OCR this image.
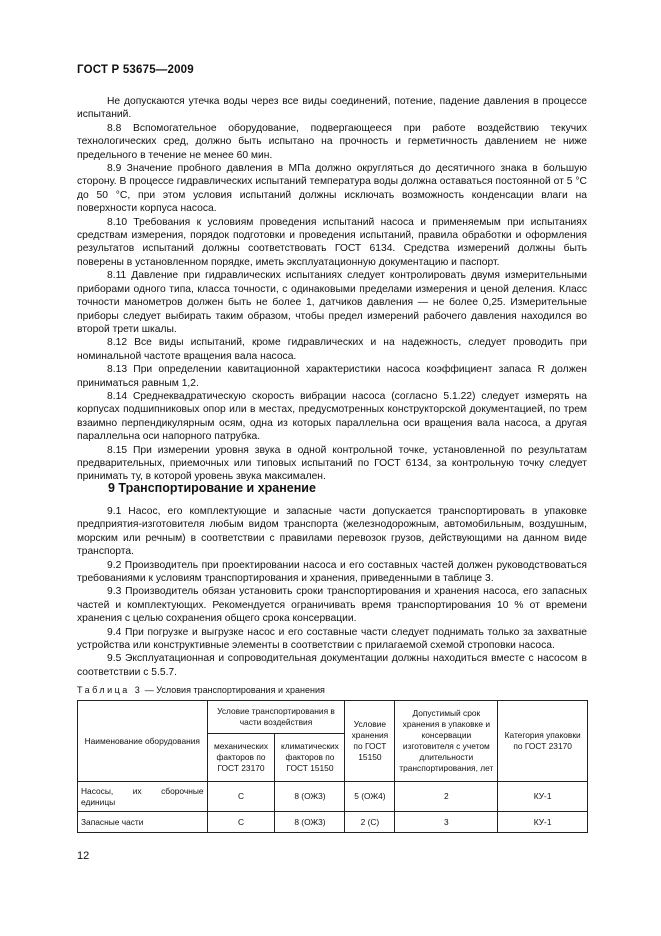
ГОСТ Р 53675—2009

Не допускаются утечка воды через все виды соединений, потение, падение давления в процессе испытаний.

8.8 Вспомогательное оборудование, подвергающееся при работе воздействию текучих технологических сред, должно быть испытано на прочность и герметичность давлением не ниже предельного в течение не менее 60 мин.

8.9 Значение пробного давления в МПа должно округляться до десятичного знака в большую сторону. В процессе гидравлических испытаний температура воды должна оставаться постоянной от 5 °С до 50 °С, при этом условия испытаний должны исключать возможность конденсации влаги на поверхности корпуса насоса.

8.10 Требования к условиям проведения испытаний насоса и применяемым при испытаниях средствам измерения, порядок подготовки и проведения испытаний, правила обработки и оформления результатов испытаний должны соответствовать ГОСТ 6134. Средства измерений должны быть поверены в установленном порядке, иметь эксплуатационную документацию и паспорт.

8.11 Давление при гидравлических испытаниях следует контролировать двумя измерительными приборами одного типа, класса точности, с одинаковыми пределами измерения и ценой деления. Класс точности манометров должен быть не более 1, датчиков давления — не более 0,25. Измерительные приборы следует выбирать таким образом, чтобы предел измерений рабочего давления находился во второй трети шкалы.

8.12 Все виды испытаний, кроме гидравлических и на надежность, следует проводить при номинальной частоте вращения вала насоса.

8.13 При определении кавитационной характеристики насоса коэффициент запаса R должен приниматься равным 1,2.

8.14 Среднеквадратическую скорость вибрации насоса (согласно 5.1.22) следует измерять на корпусах подшипниковых опор или в местах, предусмотренных конструкторской документацией, по трем взаимно перпендикулярным осям, одна из которых параллельна оси вращения вала насоса, а другая параллельна оси напорного патрубка.

8.15 При измерении уровня звука в одной контрольной точке, установленной по результатам предварительных, приемочных или типовых испытаний по ГОСТ 6134, за контрольную точку следует принимать ту, в которой уровень звука максимален.

9 Транспортирование и хранение

9.1 Насос, его комплектующие и запасные части допускается транспортировать в упаковке предприятия-изготовителя любым видом транспорта (железнодорожным, автомобильным, воздушным, морским или речным) в соответствии с правилами перевозок грузов, действующими на данном виде транспорта.

9.2 Производитель при проектировании насоса и его составных частей должен руководствоваться требованиями к условиям транспортирования и хранения, приведенными в таблице 3.

9.3 Производитель обязан установить сроки транспортирования и хранения насоса, его запасных частей и комплектующих. Рекомендуется ограничивать время транспортирования 10 % от времени хранения с целью сохранения общего срока консервации.

9.4 При погрузке и выгрузке насос и его составные части следует поднимать только за захватные устройства или конструктивные элементы в соответствии с прилагаемой схемой строповки насоса.

9.5 Эксплуатационная и сопроводительная документации должны находиться вместе с насосом в соответствии с 5.5.7.

Таблица 3 — Условия транспортирования и хранения
Наименование оборудования	Условие транспортирования в части воздействия		Условие хранения по ГОСТ 15150	Допустимый срок хранения в упаковке и консервации изготовителя с учетом длительности транспортирования, лет	Категория упаковки по ГОСТ 23170
	механических факторов по ГОСТ 23170	климатических факторов по ГОСТ 15150			
Насосы, их сборочные единицы	С	8 (ОЖ3)	5 (ОЖ4)	2	КУ-1
Запасные части	С	8 (ОЖ3)	2 (С)	3	КУ-1
12
